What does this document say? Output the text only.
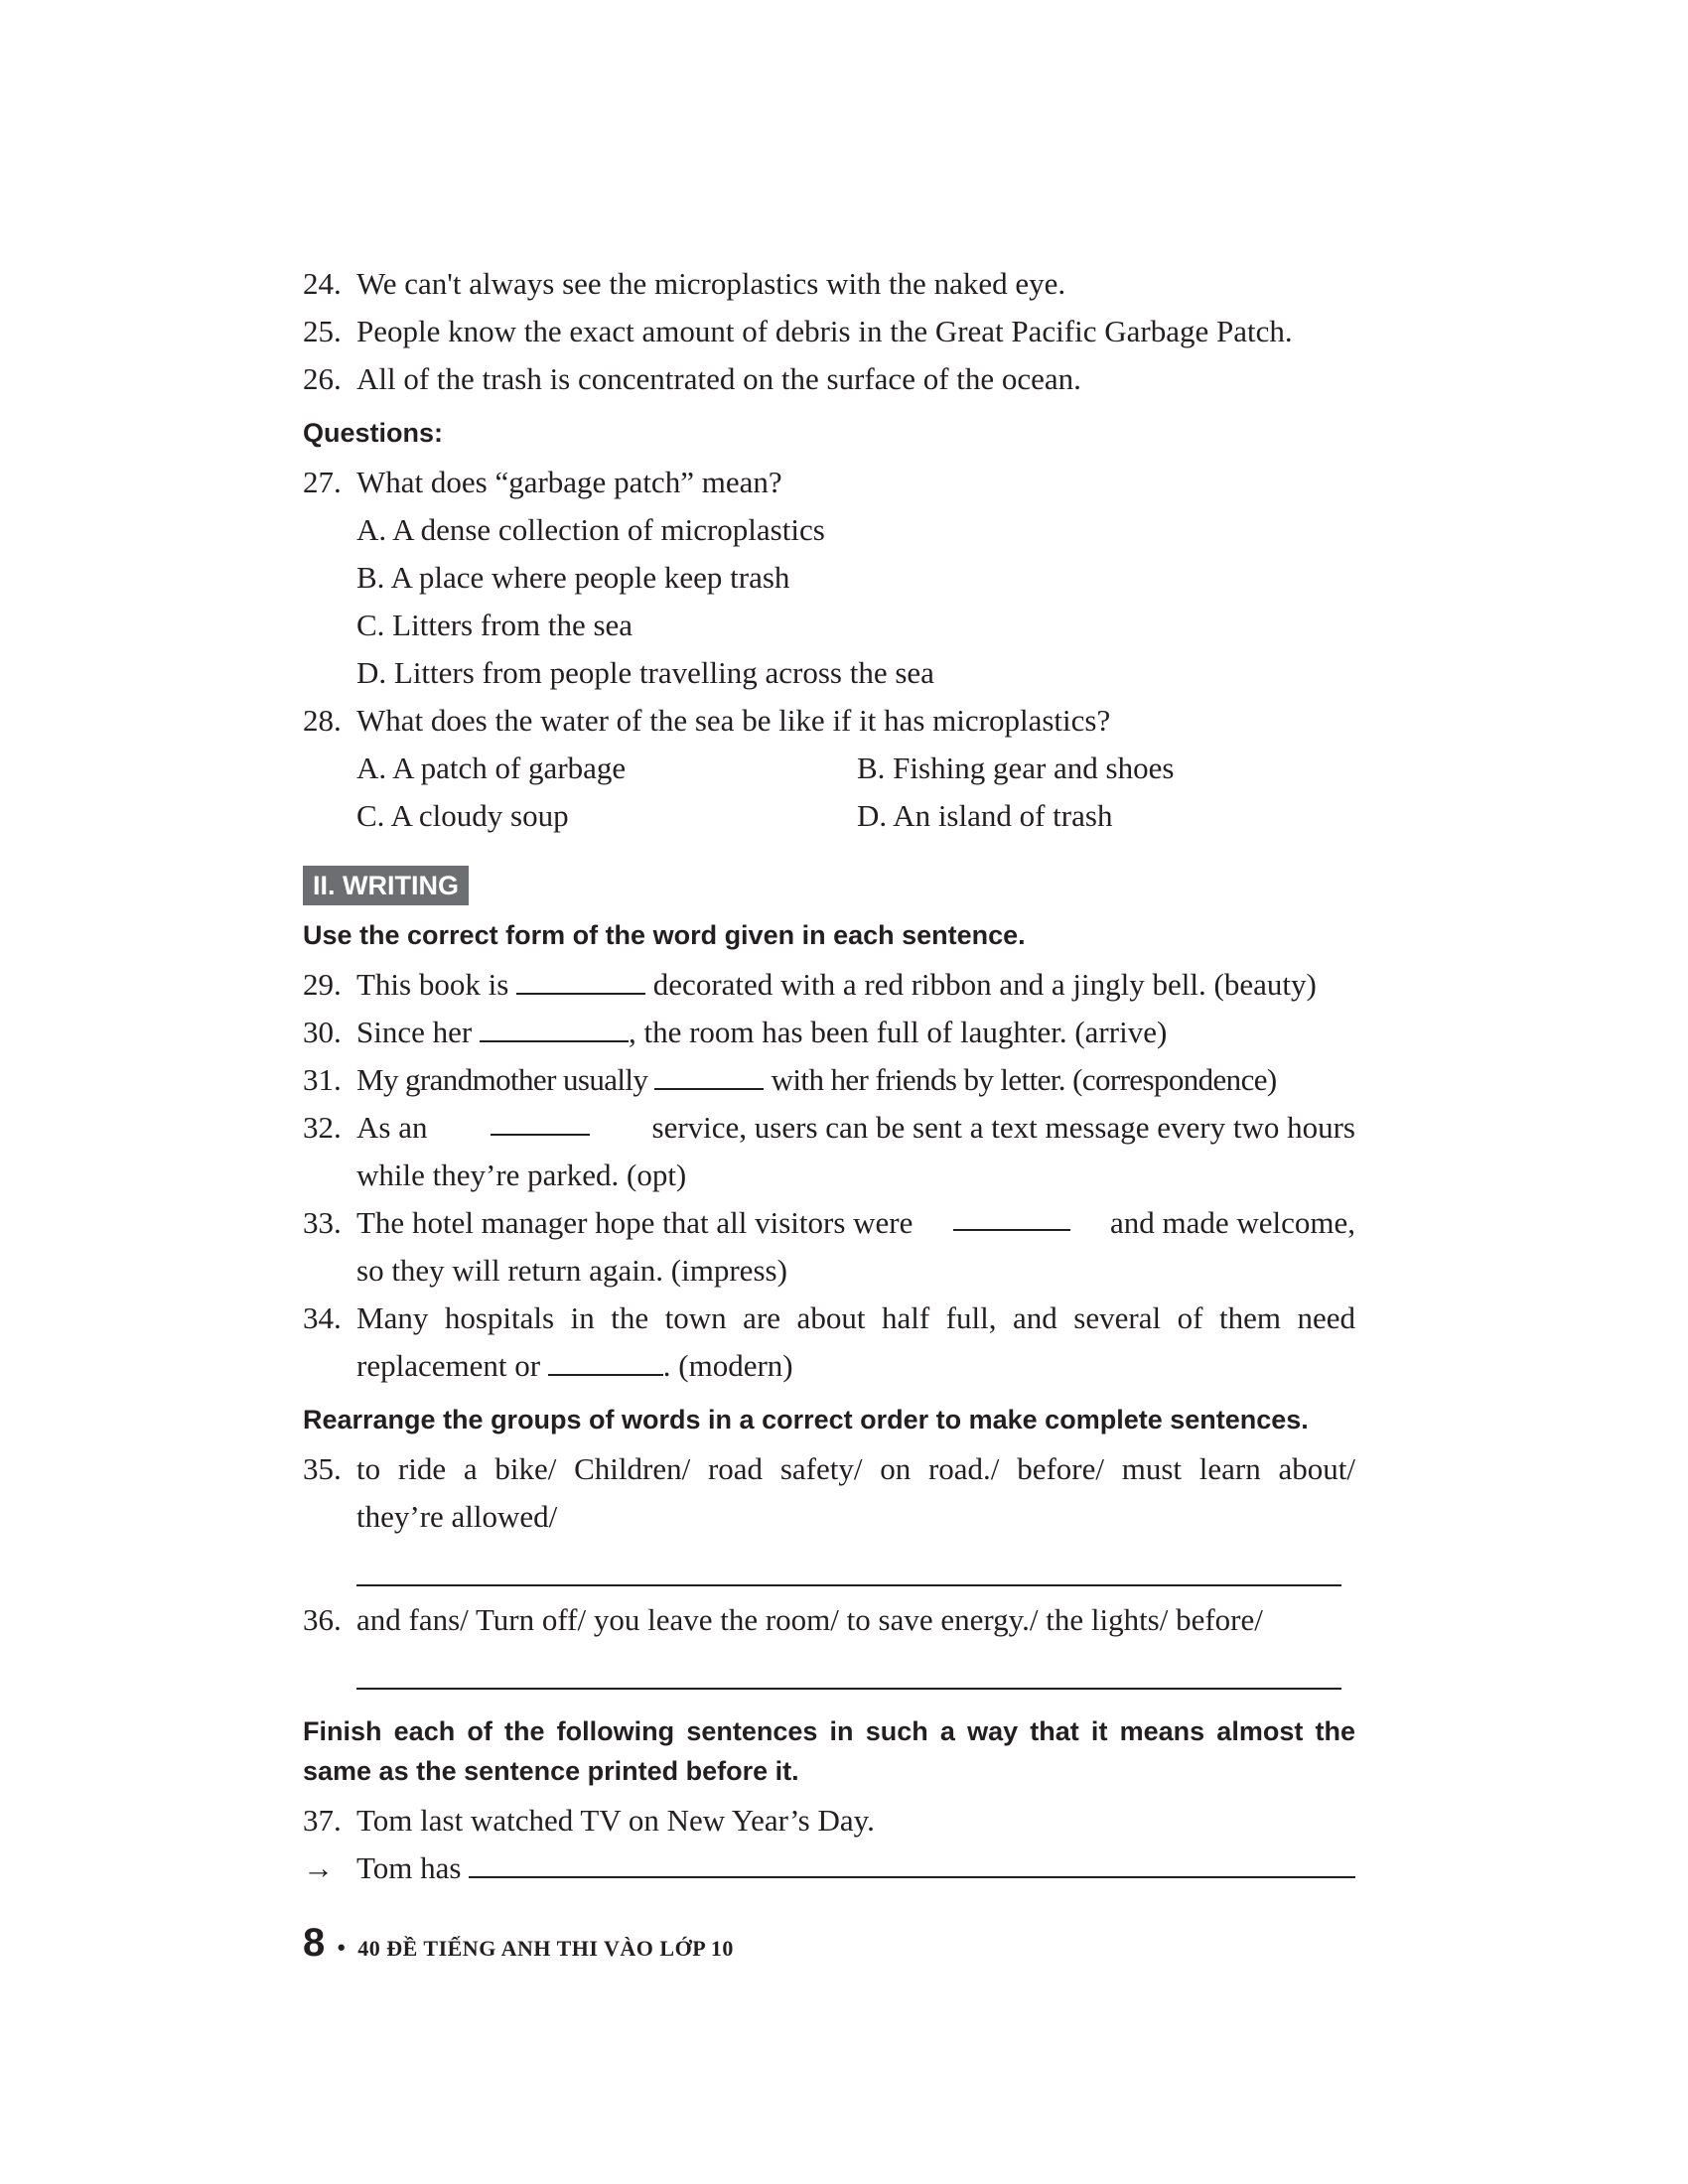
24. We can't always see the microplastics with the naked eye.
25. People know the exact amount of debris in the Great Pacific Garbage Patch.
26. All of the trash is concentrated on the surface of the ocean.
Questions:
27. What does “garbage patch” mean?
A. A dense collection of microplastics
B. A place where people keep trash
C. Litters from the sea
D. Litters from people travelling across the sea
28. What does the water of the sea be like if it has microplastics?
A. A patch of garbage	B. Fishing gear and shoes
C. A cloudy soup	D. An island of trash
II. WRITING
Use the correct form of the word given in each sentence.
29. This book is	decorated with a red ribbon and a jingly bell. (beauty)
30. Since her	, the room has been full of laughter. (arrive)
31. My grandmother usually	with her friends by letter. (correspondence)
32. As an	service, users can be sent a text message every two hours
while they’re parked. (opt)
33. The hotel manager hope that all visitors were	and made welcome,
so they will return again. (impress)
34. Many hospitals in the town are about half full, and several of them need
replacement or	. (modern)
Rearrange the groups of words in a correct order to make complete sentences.
35. to ride a bike/ Children/ road safety/ on road./ before/ must learn about/
they’re allowed/
36. and fans/ Turn off/ you leave the room/ to save energy./ the lights/ before/
Finish each of the following sentences in such a way that it means almost the same as the sentence printed before it.
37. Tom last watched TV on New Year’s Day.
→ Tom has
8 • 40 ĐỀ TIẾNG ANH THI VÀO LỚP 10
